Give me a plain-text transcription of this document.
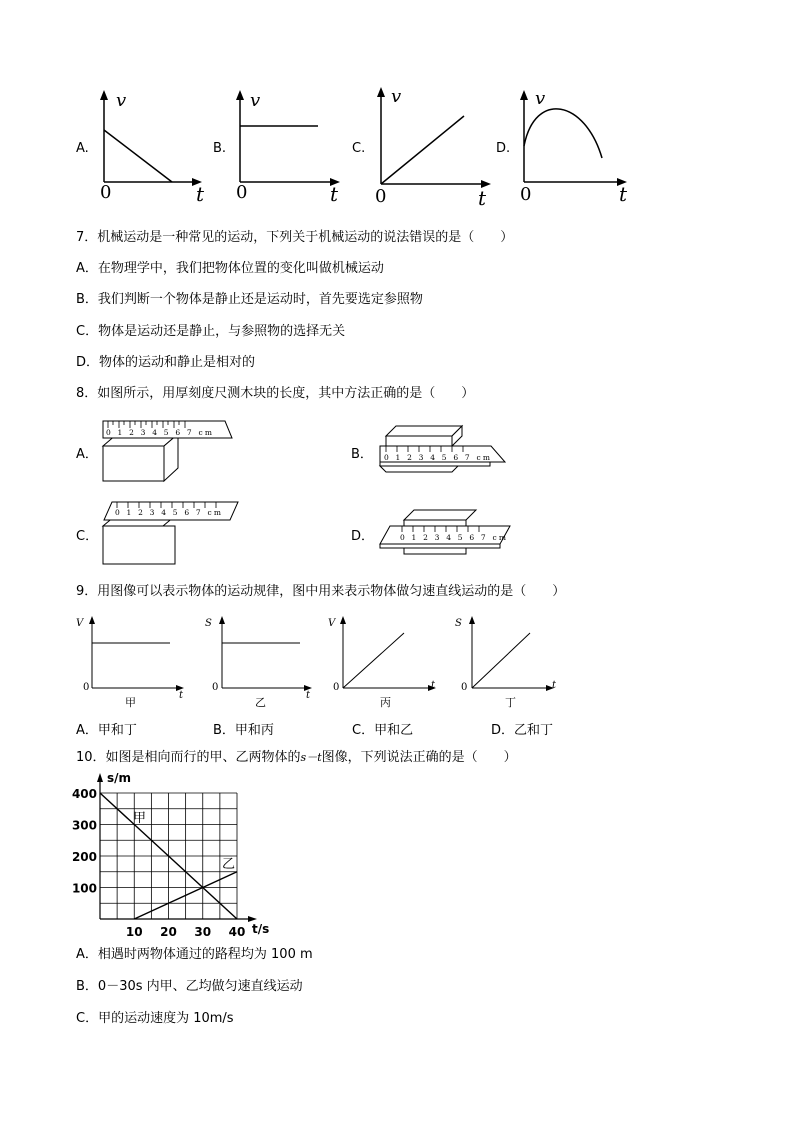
A.
v
0	t
B.
v
0	t
C.
v
0	t
D.
v
0	t
7．机械运动是一种常见的运动，下列关于机械运动的说法错误的是（　　）
A．在物理学中，我们把物体位置的变化叫做机械运动
B．我们判断一个物体是静止还是运动时，首先要选定参照物
C．物体是运动还是静止，与参照物的选择无关
D．物体的运动和静止是相对的
8．如图所示，用厚刻度尺测木块的长度，其中方法正确的是（　　）
A．
0 1 2 3 4 5 6 7 cm
B． 0 1 2 3 4 5 6 7 cm
C．
0 1 2 3 4 5 6 7 cm
D．	0 1 2 3 4 5 6 7 cm
9．用图像可以表示物体的运动规律，图中用来表示物体做匀速直线运动的是（　　）
V
0
t
甲
S
0
t
乙
V
0	t
丙
S
0	t
丁
A．甲和丁	B．甲和丙	C．甲和乙	D．乙和丁
10．如图是相向而行的甲、乙两物体的s－t图像，下列说法正确的是（　　）
s/m
t/s
100
200
300
400
10 20 30 40
甲
乙
A．相遇时两物体通过的路程均为 100 m
B．0－30s 内甲、乙均做匀速直线运动
C．甲的运动速度为 10m/s
